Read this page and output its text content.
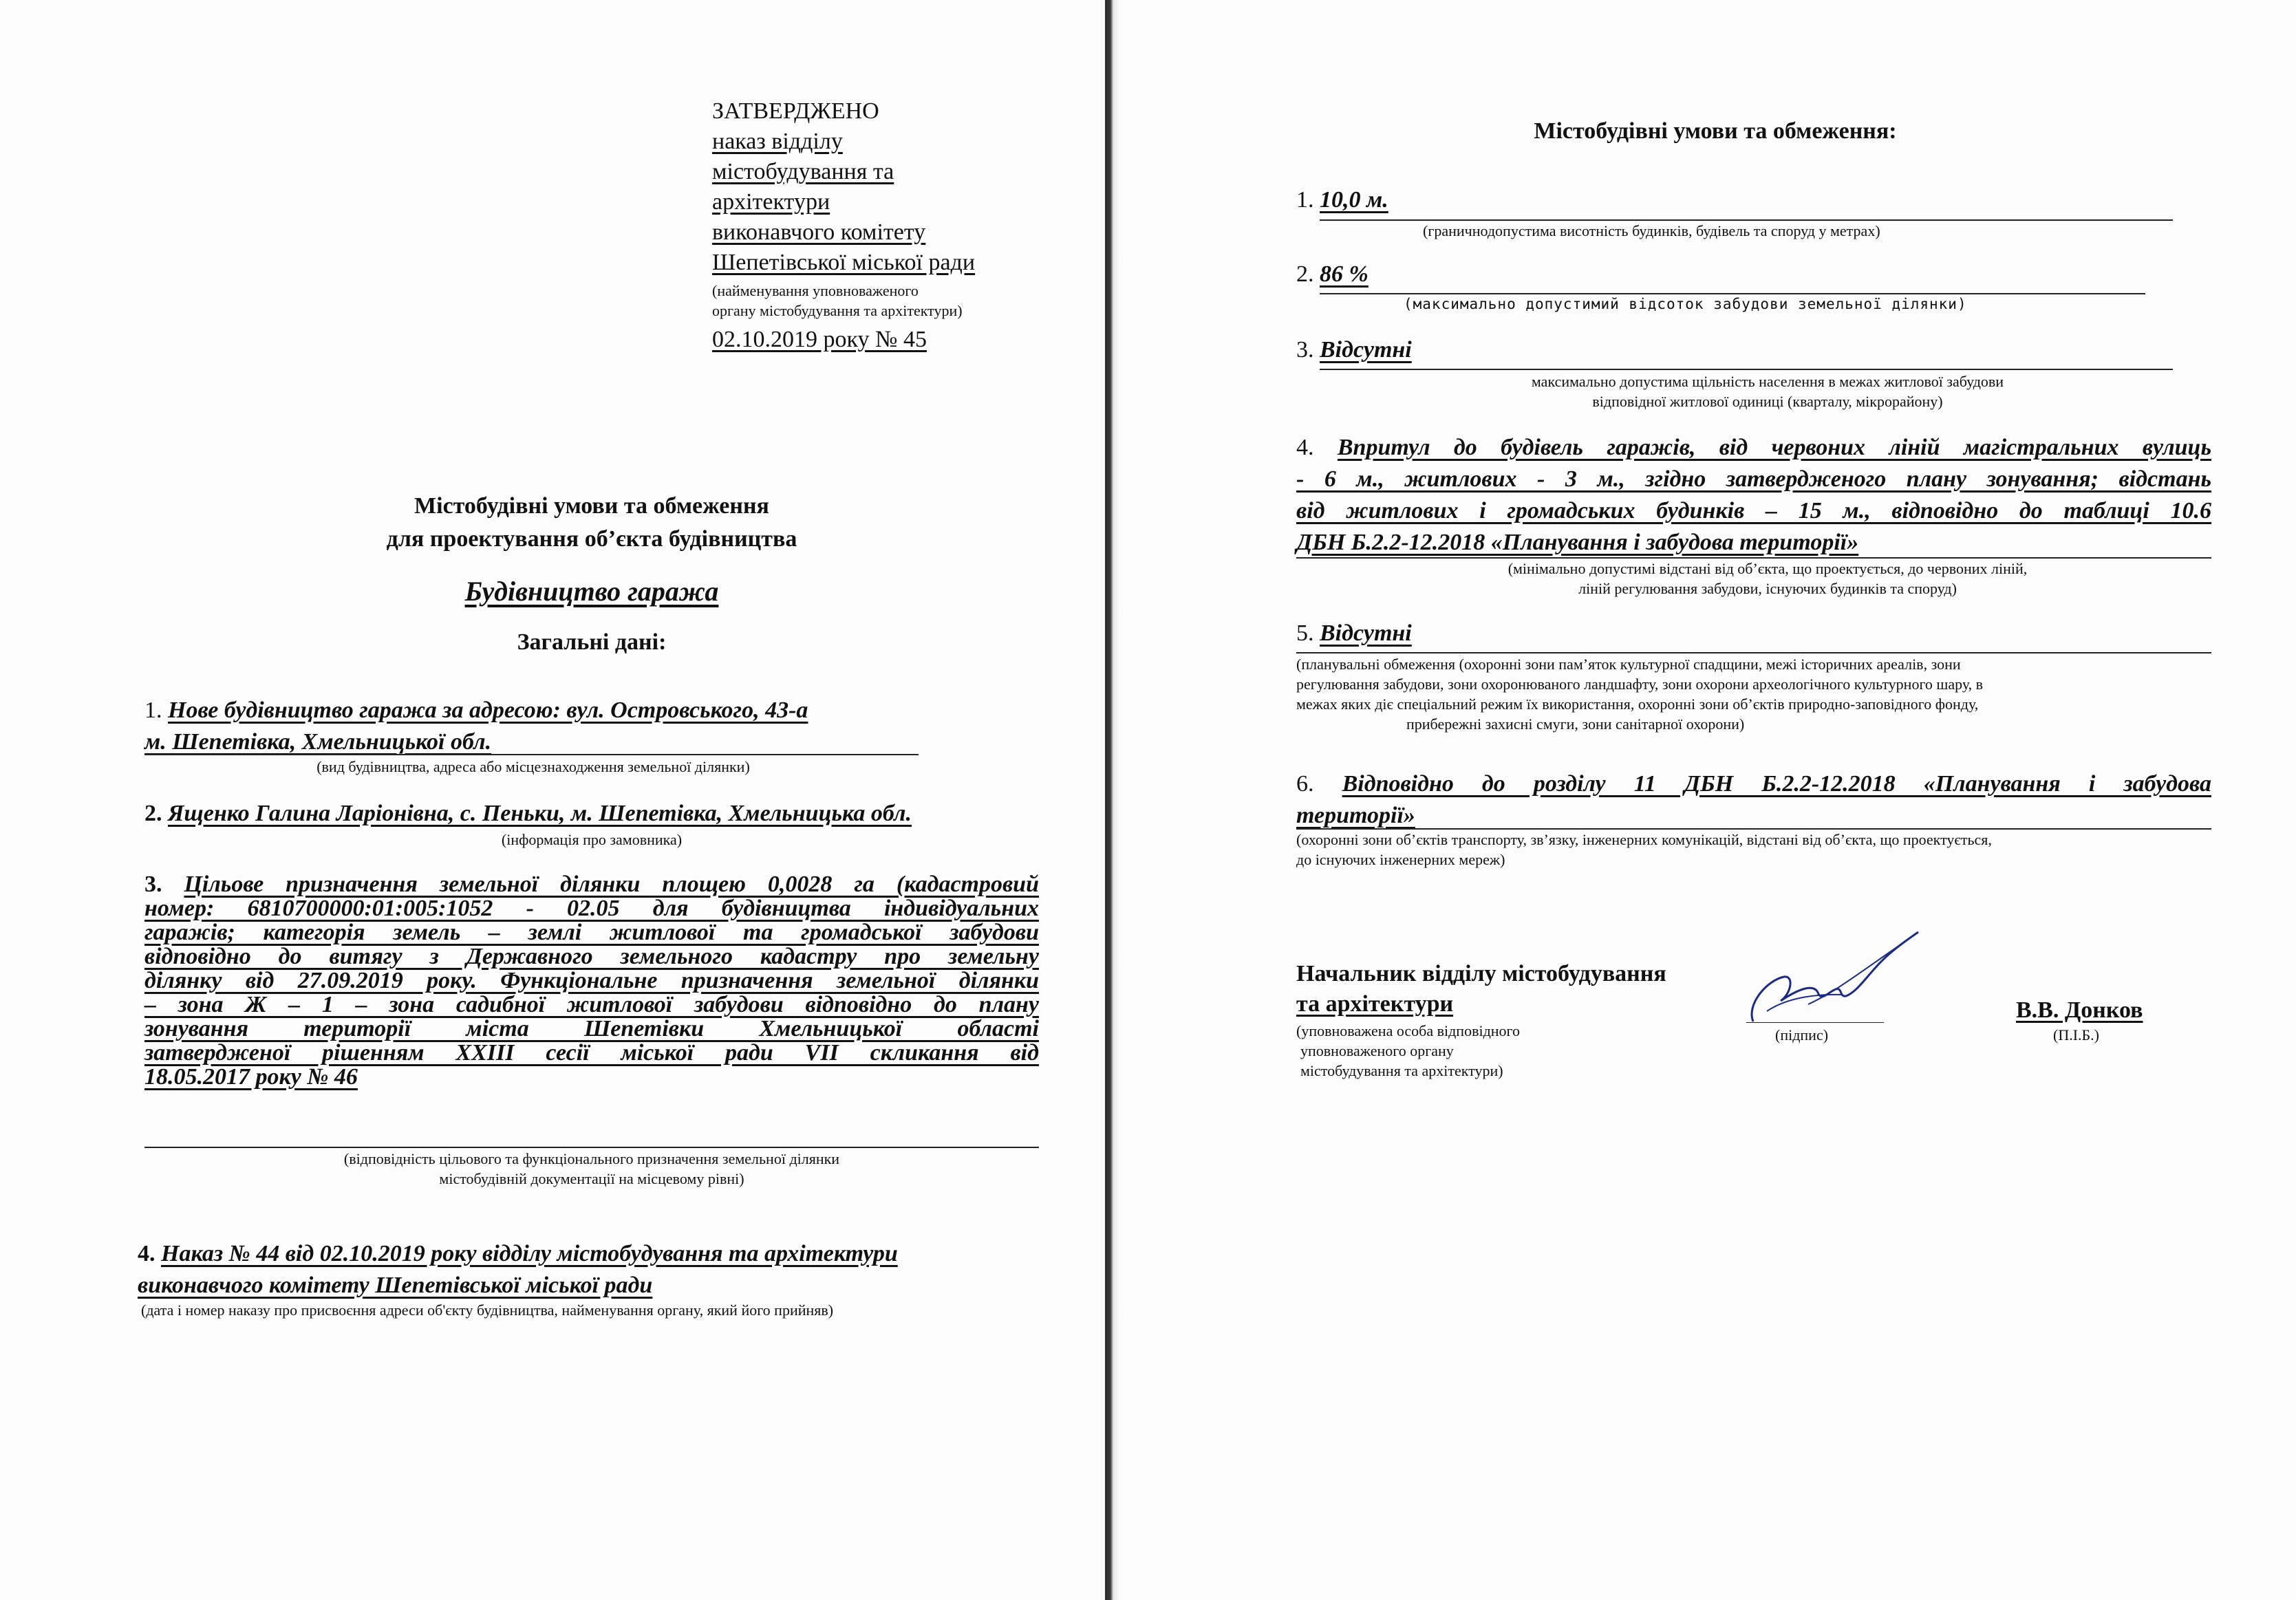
ЗАТВЕРДЖЕНО
наказ відділу
містобудування та
архітектури
виконавчого комітету
Шепетівської міської ради
(найменування уповноваженого
органу містобудування та архітектури)
02.10.2019 року № 45
Містобудівні умови та обмеження
для проектування об’єкта будівництва
Будівництво гаража
Загальні дані:
1. Нове будівництво гаража за адресою: вул. Островського, 43-а
м. Шепетівка, Хмельницької обл.
(вид будівництва, адреса або місцезнаходження земельної ділянки)
2. Ященко Галина Ларіонівна, с. Пеньки, м. Шепетівка, Хмельницька обл.
(інформація про замовника)
3. Цільове призначення земельної ділянки площею 0,0028 га (кадастровий
номер: 6810700000:01:005:1052 - 02.05 для будівництва індивідуальних
гаражів; категорія земель – землі житлової та громадської забудови
відповідно до витягу з Державного земельного кадастру про земельну
ділянку від 27.09.2019 року. Функціональне призначення земельної ділянки
– зона Ж – 1 – зона садибної житлової забудови відповідно до плану
зонування території міста Шепетівки Хмельницької області
затвердженої рішенням XXIII сесії міської ради VII скликання від
18.05.2017 року № 46
(відповідність цільового та функціонального призначення земельної ділянки
містобудівній документації на місцевому рівні)
4. Наказ № 44 від 02.10.2019 року відділу містобудування та архітектури
виконавчого комітету Шепетівської міської ради
(дата і номер наказу про присвоєння адреси об'єкту будівництва, найменування органу, який його прийняв)
Містобудівні умови та обмеження:
1. 10,0 м.
(граничнодопустима висотність будинків, будівель та споруд у метрах)
2. 86 %
(максимально допустимий відсоток забудови земельної ділянки)
3. Відсутні
максимально допустима щільність населення в межах житлової забудови
відповідної житлової одиниці (кварталу, мікрорайону)
4. Впритул до будівель гаражів, від червоних ліній магістральних вулиць
- 6 м., житлових - 3 м., згідно затвердженого плану зонування; відстань
від житлових і громадських будинків – 15 м., відповідно до таблиці 10.6
ДБН Б.2.2-12.2018 «Планування і забудова території»
(мінімально допустимі відстані від об’єкта, що проектується, до червоних ліній,
ліній регулювання забудови, існуючих будинків та споруд)
5. Відсутні
(планувальні обмеження (охоронні зони пам’яток культурної спадщини, межі історичних ареалів, зони
регулювання забудови, зони охоронюваного ландшафту, зони охорони археологічного культурного шару, в
межах яких діє спеціальний режим їх використання, охоронні зони об’єктів природно-заповідного фонду,
прибережні захисні смуги, зони санітарної охорони)
6. Відповідно до розділу 11 ДБН Б.2.2-12.2018 «Планування і забудова
території»
(охоронні зони об’єктів транспорту, зв’язку, інженерних комунікацій, відстані від об’єкта, що проектується,
до існуючих інженерних мереж)
Начальник відділу містобудування
та архітектури
(уповноважена особа відповідного
уповноваженого органу
містобудування та архітектури)
(підпис)
В.В. Донков
(П.І.Б.)
